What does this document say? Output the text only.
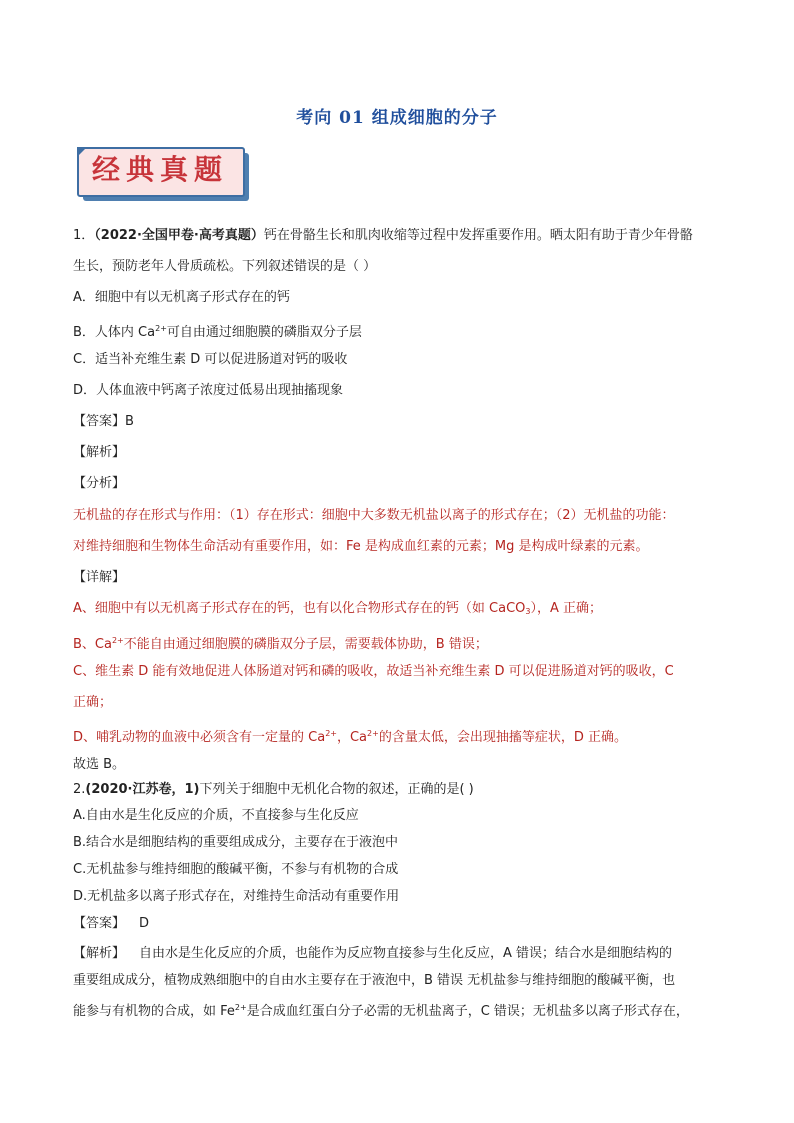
考向 01 组成细胞的分子
经典真题
1．（2022·全国甲卷·高考真题）钙在骨骼生长和肌肉收缩等过程中发挥重要作用。晒太阳有助于青少年骨骼
生长，预防老年人骨质疏松。下列叙述错误的是（ ）
A．细胞中有以无机离子形式存在的钙
B．人体内 $Ca^{2+}$可自由通过细胞膜的磷脂双分子层
C．适当补充维生素 D 可以促进肠道对钙的吸收
D．人体血液中钙离子浓度过低易出现抽搐现象
【答案】B
【解析】
【分析】
无机盐的存在形式与作用：（1）存在形式：细胞中大多数无机盐以离子的形式存在；（2）无机盐的功能：
对维持细胞和生物体生命活动有重要作用，如：Fe 是构成血红素的元素；Mg 是构成叶绿素的元素。
【详解】
A、细胞中有以无机离子形式存在的钙，也有以化合物形式存在的钙（如 CaCO$_3$），A 正确；
B、$Ca^{2+}$不能自由通过细胞膜的磷脂双分子层，需要载体协助，B 错误；
C、维生素 D 能有效地促进人体肠道对钙和磷的吸收，故适当补充维生素 D 可以促进肠道对钙的吸收，C
正确；
D、哺乳动物的血液中必须含有一定量的 $Ca^{2+}$，$Ca^{2+}$的含量太低，会出现抽搐等症状，D 正确。
故选 B。
2.(2020·江苏卷，1)下列关于细胞中无机化合物的叙述，正确的是( )
A.自由水是生化反应的介质，不直接参与生化反应
B.结合水是细胞结构的重要组成成分，主要存在于液泡中
C.无机盐参与维持细胞的酸碱平衡，不参与有机物的合成
D.无机盐多以离子形式存在，对维持生命活动有重要作用
【答案】 D
【解析】 自由水是生化反应的介质，也能作为反应物直接参与生化反应，A 错误；结合水是细胞结构的
重要组成成分，植物成熟细胞中的自由水主要存在于液泡中，B 错误 无机盐参与维持细胞的酸碱平衡，也
能参与有机物的合成，如 $Fe^{2+}$是合成血红蛋白分子必需的无机盐离子，C 错误；无机盐多以离子形式存在，
